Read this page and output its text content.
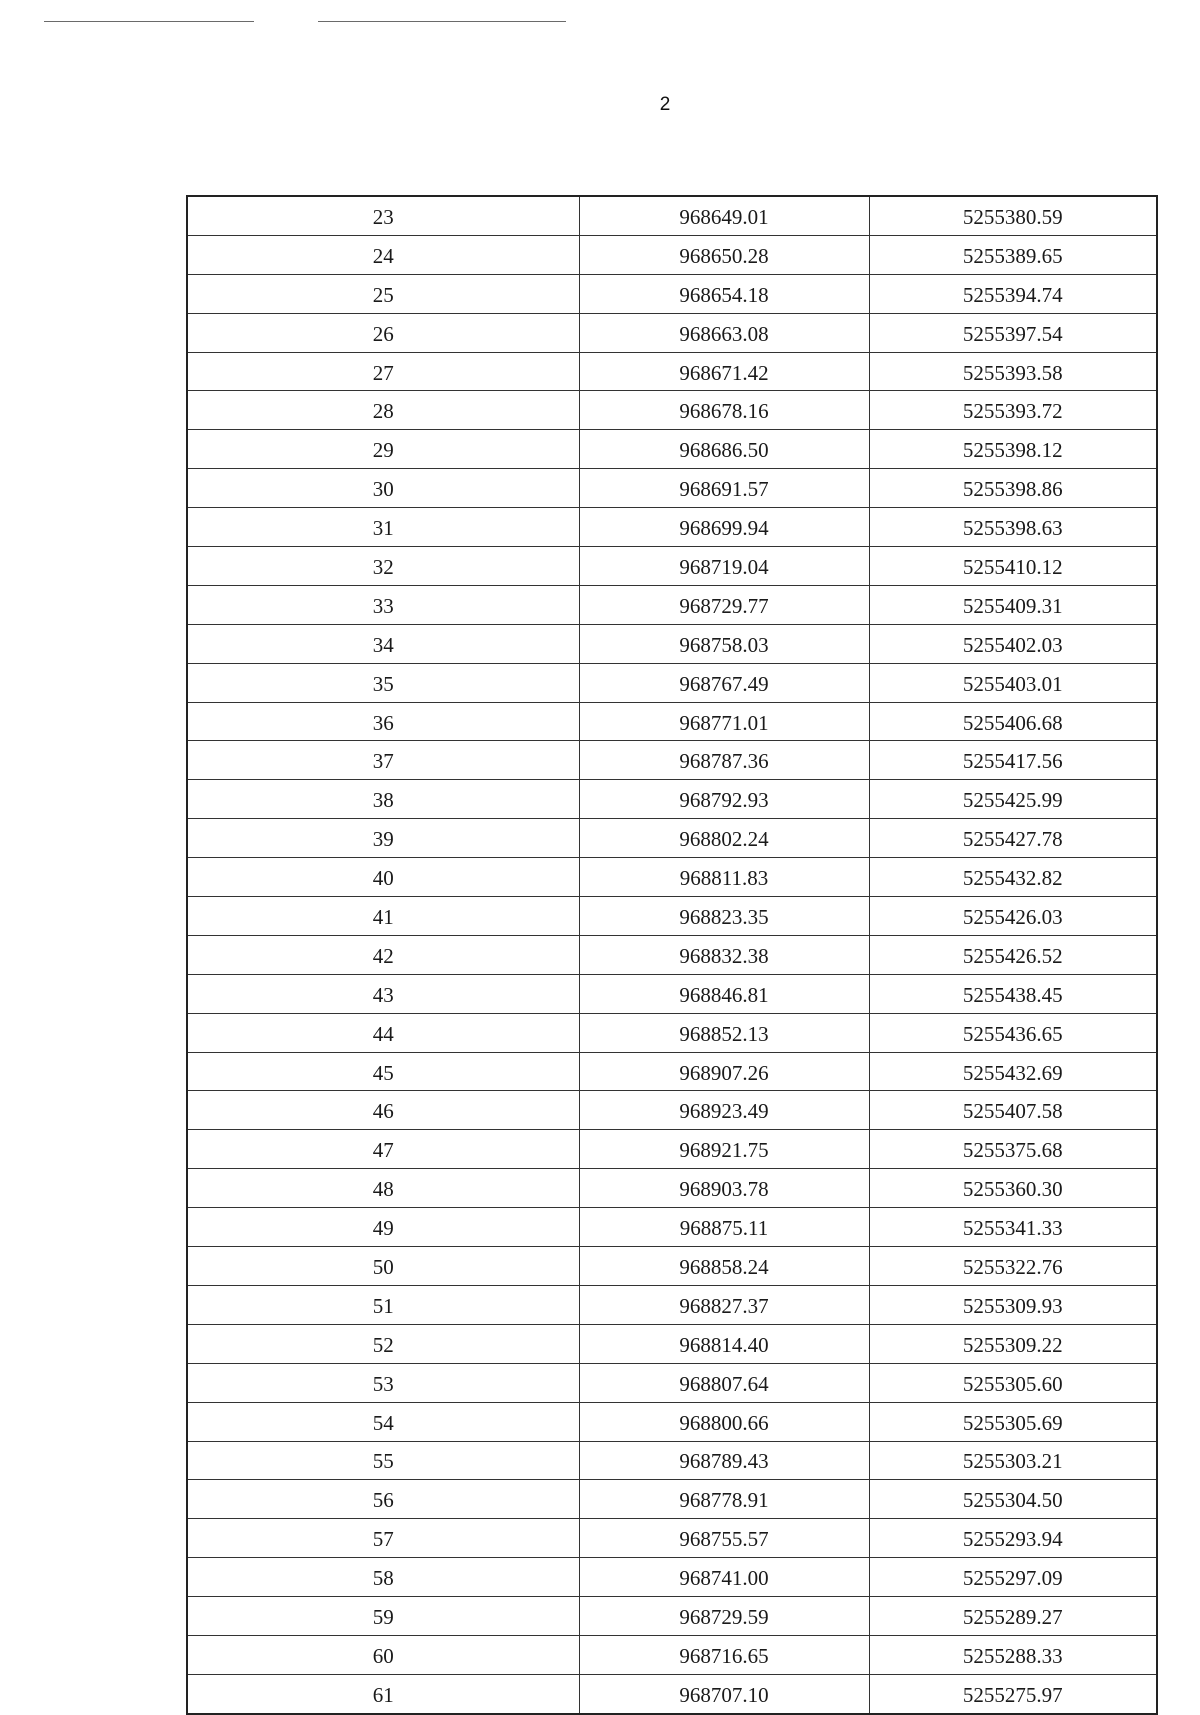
2
23	968649.01	5255380.59
24	968650.28	5255389.65
25	968654.18	5255394.74
26	968663.08	5255397.54
27	968671.42	5255393.58
28	968678.16	5255393.72
29	968686.50	5255398.12
30	968691.57	5255398.86
31	968699.94	5255398.63
32	968719.04	5255410.12
33	968729.77	5255409.31
34	968758.03	5255402.03
35	968767.49	5255403.01
36	968771.01	5255406.68
37	968787.36	5255417.56
38	968792.93	5255425.99
39	968802.24	5255427.78
40	968811.83	5255432.82
41	968823.35	5255426.03
42	968832.38	5255426.52
43	968846.81	5255438.45
44	968852.13	5255436.65
45	968907.26	5255432.69
46	968923.49	5255407.58
47	968921.75	5255375.68
48	968903.78	5255360.30
49	968875.11	5255341.33
50	968858.24	5255322.76
51	968827.37	5255309.93
52	968814.40	5255309.22
53	968807.64	5255305.60
54	968800.66	5255305.69
55	968789.43	5255303.21
56	968778.91	5255304.50
57	968755.57	5255293.94
58	968741.00	5255297.09
59	968729.59	5255289.27
60	968716.65	5255288.33
61	968707.10	5255275.97
